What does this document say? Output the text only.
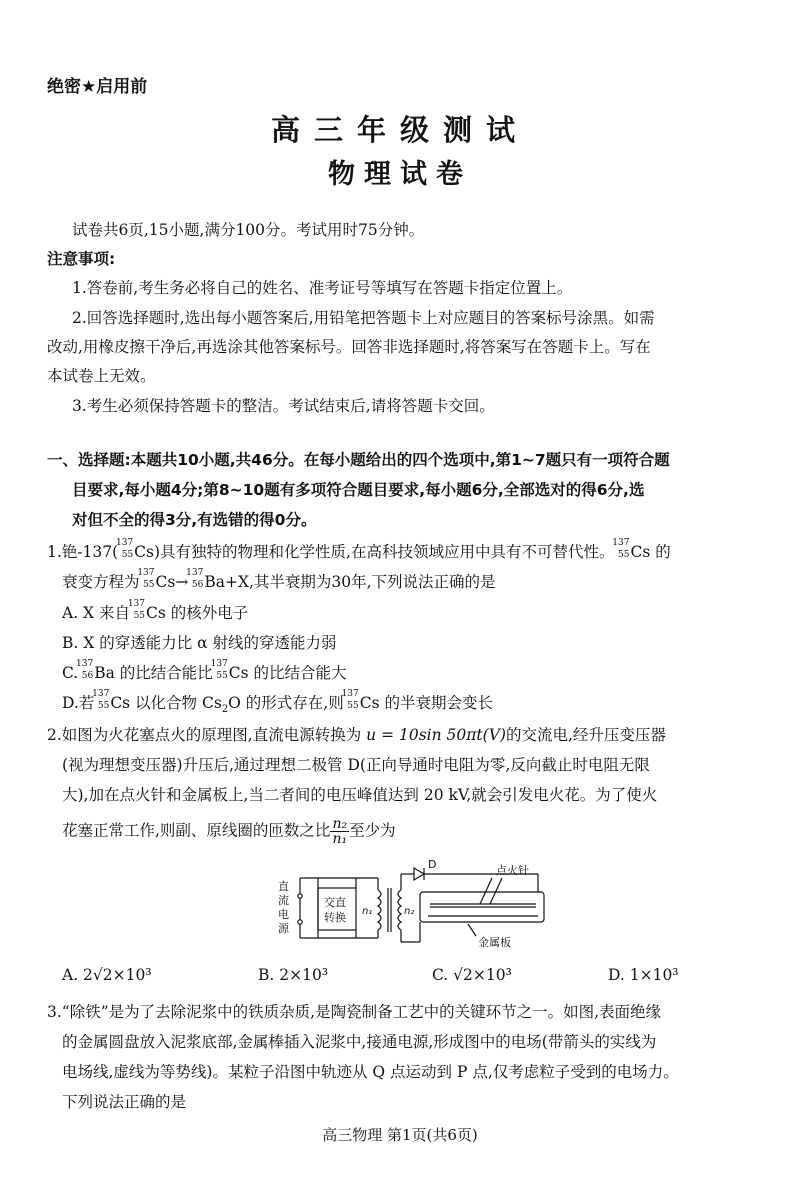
绝密★启用前
高三年级测试
物理试卷
试卷共6页,15小题,满分100分。考试用时75分钟。
注意事项:
1.答卷前,考生务必将自己的姓名、准考证号等填写在答题卡指定位置上。
2.回答选择题时,选出每小题答案后,用铅笔把答题卡上对应题目的答案标号涂黑。如需
改动,用橡皮擦干净后,再选涂其他答案标号。回答非选择题时,将答案写在答题卡上。写在
本试卷上无效。
3.考生必须保持答题卡的整洁。考试结束后,请将答题卡交回。
一、选择题:本题共10小题,共46分。在每小题给出的四个选项中,第1~7题只有一项符合题
目要求,每小题4分;第8~10题有多项符合题目要求,每小题6分,全部选对的得6分,选
对但不全的得3分,有选错的得0分。
1.铯-137(
137
55 Cs)具有独特的物理和化学性质,在高科技领域应用中具有不可替代性。
137
55 Cs 的
衰变方程为
137
55 Cs→
137
56 Ba+X,其半衰期为30年,下列说法正确的是
A. X 来自
137
55 Cs 的核外电子
B. X 的穿透能力比 α 射线的穿透能力弱
C.
137
56 Ba 的比结合能比
137
55 Cs 的比结合能大
D.若
137
55 Cs 以化合物 $Cs_2O$ 的形式存在,则
137
55 Cs 的半衰期会变长
2.如图为火花塞点火的原理图,直流电源转换为 u = 10sin 50πt(V)的交流电,经升压变压器
(视为理想变压器)升压后,通过理想二极管 D(正向导通时电阻为零,反向截止时电阻无限
大),加在点火针和金属板上,当二者间的电压峰值达到 20 kV,就会引发电火花。为了使火
花塞正常工作,则副、原线圈的匝数之比 $\frac{\text{n₂}}{\text{n₁}}$ 至少为
直
流
电
源
交直
转换 n₁	n₂
D	点火针
金属板
A. 2√2×10³	B. 2×10³	C. √2×10³	D. 1×10³
3.“除铁”是为了去除泥浆中的铁质杂质,是陶瓷制备工艺中的关键环节之一。如图,表面绝缘
的金属圆盘放入泥浆底部,金属棒插入泥浆中,接通电源,形成图中的电场(带箭头的实线为
电场线,虚线为等势线)。某粒子沿图中轨迹从 Q 点运动到 P 点,仅考虑粒子受到的电场力。
下列说法正确的是
高三物理 第1页(共6页)
